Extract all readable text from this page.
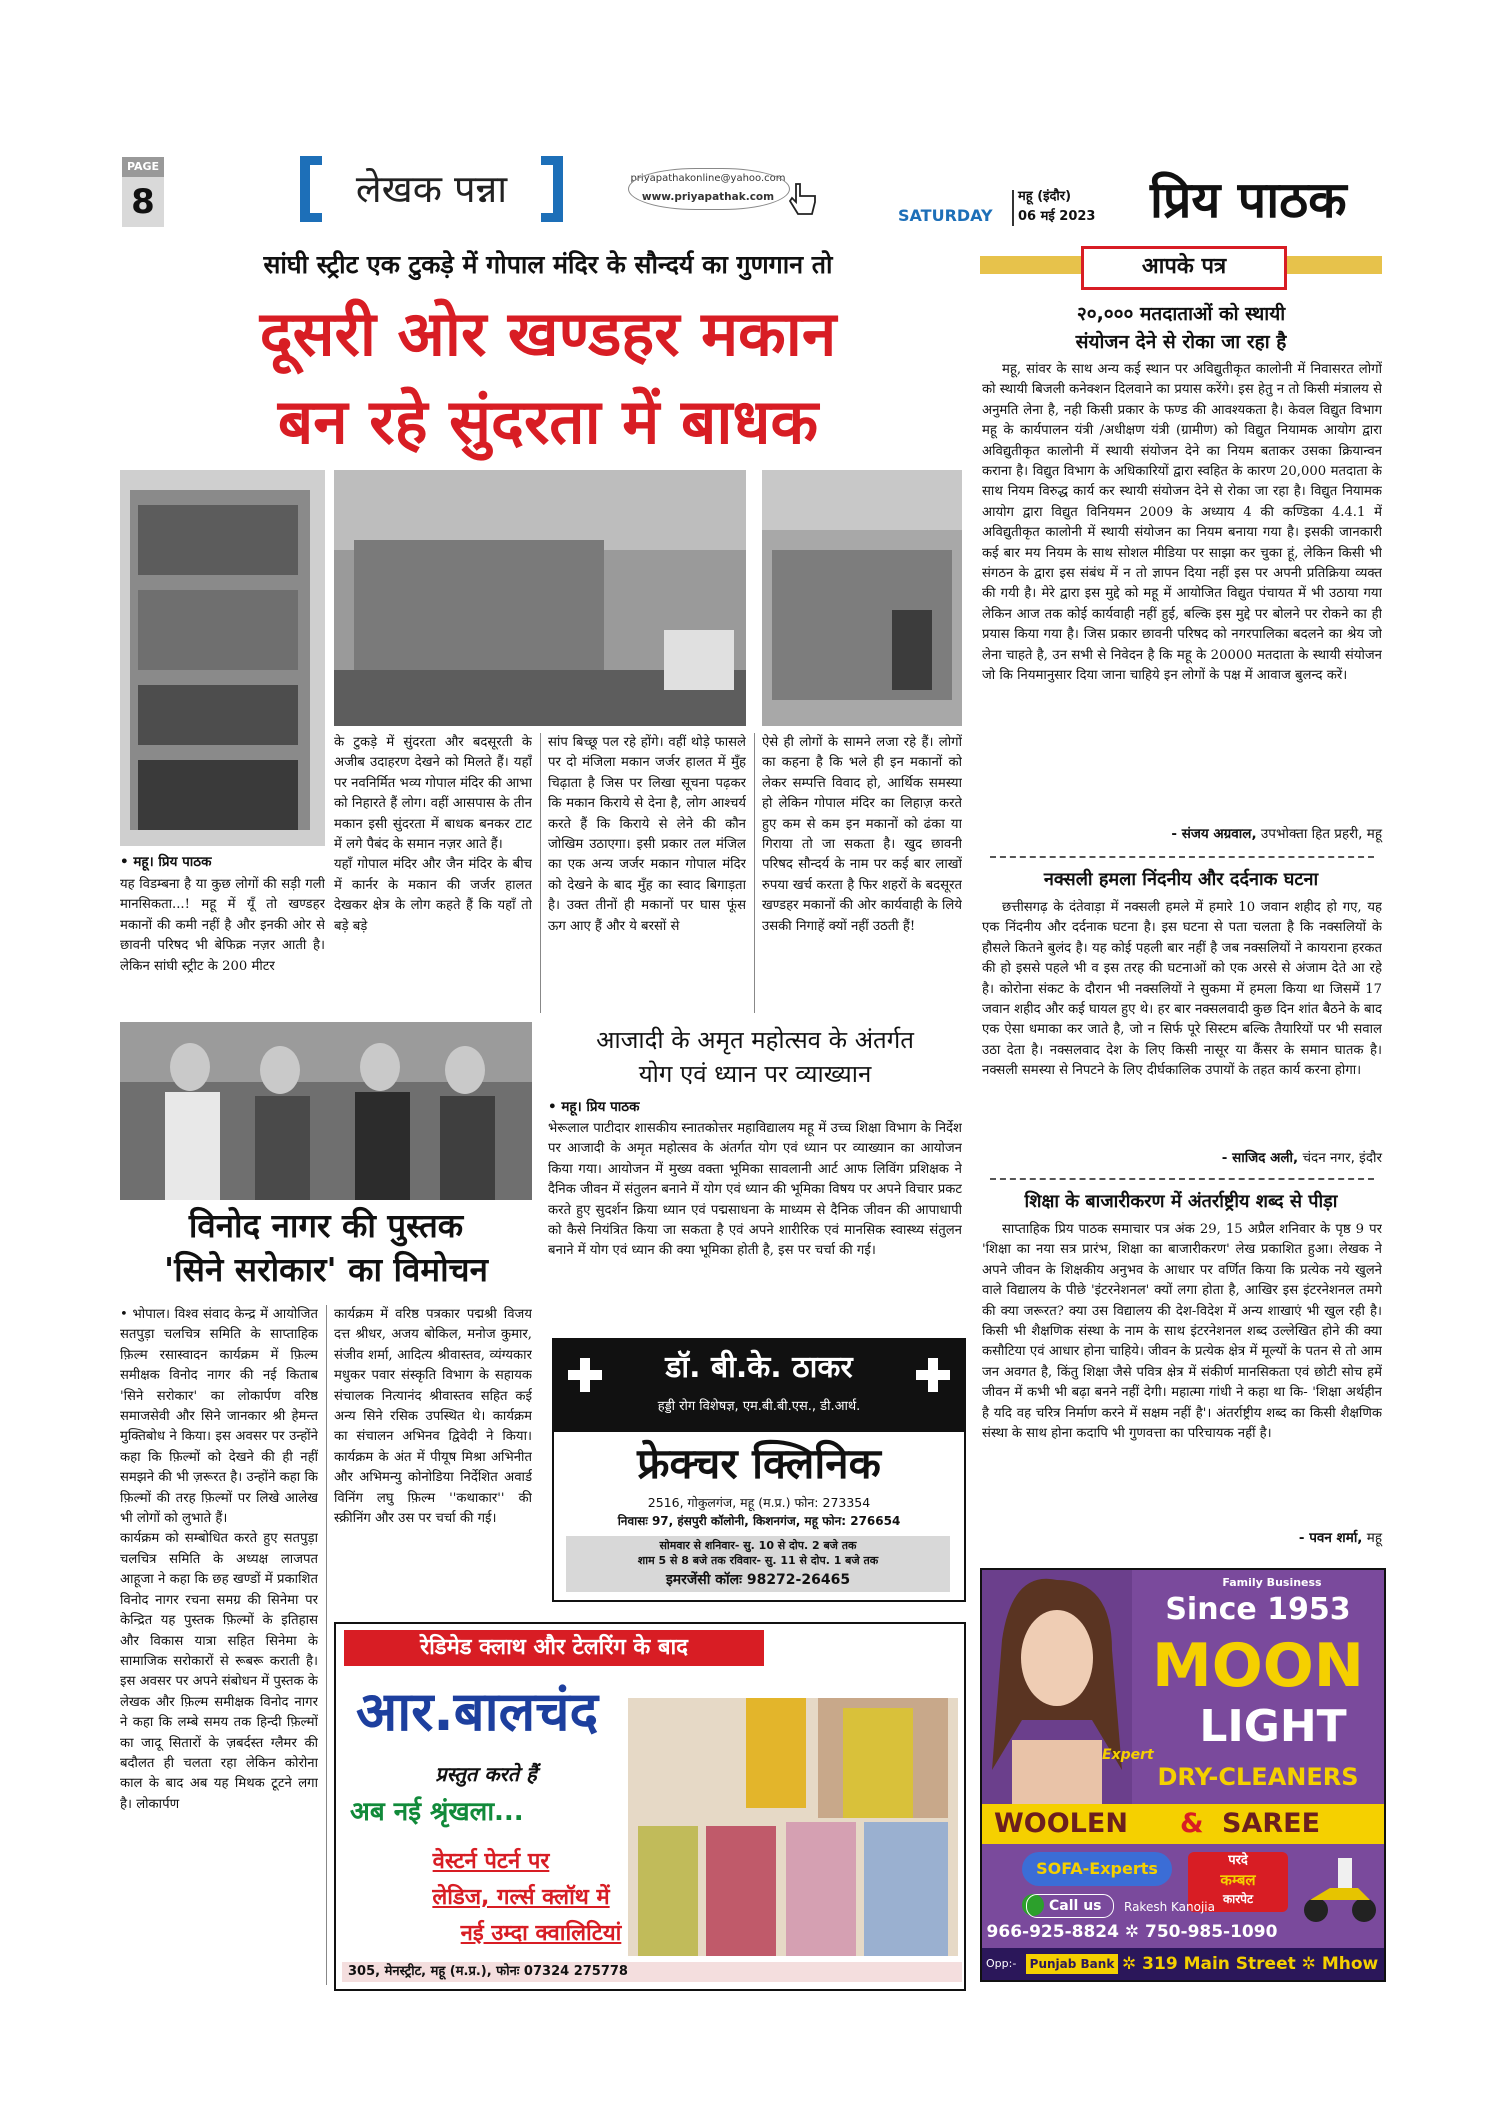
PAGE
8	लेखक पन्ना	priyapathakonline@yahoo.com
www.priyapathak.com
SATURDAY
महू (इंदौर)
06 मई 2023 प्रिय पाठक
सांघी स्ट्रीट एक टुकड़े में गोपाल मंदिर के सौन्दर्य का गुणगान तो
दूसरी ओर खण्डहर मकान
बन रहे सुंदरता में बाधक
• महू। प्रिय पाठक
यह विडम्बना है या कुछ लोगों की सड़ी गली मानसिकता...! महू में यूँ तो खण्डहर मकानों की कमी नहीं है और इनकी ओर से छावनी परिषद भी बेफिक्र नज़र आती है। लेकिन सांघी स्ट्रीट के 200 मीटर
के टुकड़े में सुंदरता और बदसूरती के अजीब उदाहरण देखने को मिलते हैं। यहाँ पर नवनिर्मित भव्य गोपाल मंदिर की आभा को निहारते हैं लोग। वहीं आसपास के तीन मकान इसी सुंदरता में बाधक बनकर टाट में लगे पैबंद के समान नज़र आते हैं।
यहाँ गोपाल मंदिर और जैन मंदिर के बीच में कार्नर के मकान की जर्जर हालत देखकर क्षेत्र के लोग कहते हैं कि यहाँ तो बड़े बड़े
सांप बिच्छू पल रहे होंगे। वहीं थोड़े फासले पर दो मंजिला मकान जर्जर हालत में मुँह चिढ़ाता है जिस पर लिखा सूचना पढ़कर कि मकान किराये से देना है, लोग आश्चर्य करते हैं कि किराये से लेने की कौन जोखिम उठाएगा। इसी प्रकार तल मंजिल का एक अन्य जर्जर मकान गोपाल मंदिर को देखने के बाद मुँह का स्वाद बिगाड़ता है। उक्त तीनों ही मकानों पर घास फूंस ऊग आए हैं और ये बरसों से
ऐसे ही लोगों के सामने लजा रहे हैं। लोगों का कहना है कि भले ही इन मकानों को लेकर सम्पत्ति विवाद हो, आर्थिक समस्या हो लेकिन गोपाल मंदिर का लिहाज़ करते हुए कम से कम इन मकानों को ढंका या गिराया तो जा सकता है। खुद छावनी परिषद सौन्दर्य के नाम पर कई बार लाखों रुपया खर्च करता है फिर शहरों के बदसूरत खण्डहर मकानों की ओर कार्यवाही के लिये उसकी निगाहें क्यों नहीं उठती हैं!
विनोद नागर की पुस्तक
'सिने सरोकार' का विमोचन
• भोपाल। विश्व संवाद केन्द्र में आयोजित सतपुड़ा चलचित्र समिति के साप्ताहिक फ़िल्म रसास्वादन कार्यक्रम में फ़िल्म समीक्षक विनोद नागर की नई किताब 'सिने सरोकार' का लोकार्पण वरिष्ठ समाजसेवी और सिने जानकार श्री हेमन्त मुक्तिबोध ने किया। इस अवसर पर उन्होंने कहा कि फ़िल्मों को देखने की ही नहीं समझने की भी ज़रूरत है। उन्होंने कहा कि फ़िल्मों की तरह फ़िल्मों पर लिखे आलेख भी लोगों को लुभाते हैं।
कार्यक्रम को सम्बोधित करते हुए सतपुड़ा चलचित्र समिति के अध्यक्ष लाजपत आहूजा ने कहा कि छह खण्डों में प्रकाशित विनोद नागर रचना समग्र की सिनेमा पर केन्द्रित यह पुस्तक फ़िल्मों के इतिहास और विकास यात्रा सहित सिनेमा के सामाजिक सरोकारों से रूबरू कराती है। इस अवसर पर अपने संबोधन में पुस्तक के लेखक और फ़िल्म समीक्षक विनोद नागर ने कहा कि लम्बे समय तक हिन्दी फ़िल्मों का जादू सितारों के ज़बर्दस्त ग्लैमर की बदौलत ही चलता रहा लेकिन कोरोना काल के बाद अब यह मिथक टूटने लगा है। लोकार्पण
कार्यक्रम में वरिष्ठ पत्रकार पद्मश्री विजय दत्त श्रीधर, अजय बोकिल, मनोज कुमार, संजीव शर्मा, आदित्य श्रीवास्तव, व्यंग्यकार मधुकर पवार संस्कृति विभाग के सहायक संचालक नित्यानंद श्रीवास्तव सहित कई अन्य सिने रसिक उपस्थित थे। कार्यक्रम का संचालन अभिनव द्विवेदी ने किया। कार्यक्रम के अंत में पीयूष मिश्रा अभिनीत और अभिमन्यु कोनोडिया निर्देशित अवार्ड विनिंग लघु फ़िल्म ''कथाकार'' की स्क्रीनिंग और उस पर चर्चा की गई।
आजादी के अमृत महोत्सव के अंतर्गत
योग एवं ध्यान पर व्याख्यान
• महू। प्रिय पाठक
भेरूलाल पाटीदार शासकीय स्नातकोत्तर महाविद्यालय महू में उच्च शिक्षा विभाग के निर्देश पर आजादी के अमृत महोत्सव के अंतर्गत योग एवं ध्यान पर व्याख्यान का आयोजन किया गया। आयोजन में मुख्य वक्ता भूमिका सावलानी आर्ट आफ लिविंग प्रशिक्षक ने दैनिक जीवन में संतुलन बनाने में योग एवं ध्यान की भूमिका विषय पर अपने विचार प्रकट करते हुए सुदर्शन क्रिया ध्यान एवं पद्मसाधना के माध्यम से दैनिक जीवन की आपाधापी को कैसे नियंत्रित किया जा सकता है एवं अपने शारीरिक एवं मानसिक स्वास्थ्य संतुलन बनाने में योग एवं ध्यान की क्या भूमिका होती है, इस पर चर्चा की गई।
डॉ. बी.के. ठाकर
हड्डी रोग विशेषज्ञ, एम.बी.बी.एस., डी.आर्थ.
फ्रेक्चर क्लिनिक
2516, गोकुलगंज, महू (म.प्र.) फोन: 273354
निवासः 97, हंसपुरी कॉलोनी, किशनगंज, महू फोन: 276654
सोमवार से शनिवार- सु. 10 से दोप. 2 बजे तक
शाम 5 से 8 बजे तक रविवार- सु. 11 से दोप. 1 बजे तक
इमरजेंसी कॉलः 98272-26465
रेडिमेड क्लाथ और टेलरिंग के बाद
आर.बालचंद
प्रस्तुत करते हैं
अब नई श्रृंखला...
वेस्टर्न पेटर्न पर
लेडिज, गर्ल्स क्लॉथ में
नई उम्दा क्वालिटियां
305, मेनस्ट्रीट, महू (म.प्र.), फोनः 07324 275778
आपके पत्र
२०,००० मतदाताओं को स्थायी
संयोजन देने से रोका जा रहा है
महू, सांवर के साथ अन्य कई स्थान पर अविद्युतीकृत कालोनी में निवासरत लोगों को स्थायी बिजली कनेक्शन दिलवाने का प्रयास करेंगे। इस हेतु न तो किसी मंत्रालय से अनुमति लेना है, नही किसी प्रकार के फण्ड की आवश्यकता है। केवल विद्युत विभाग महू के कार्यपालन यंत्री /अधीक्षण यंत्री (ग्रामीण) को विद्युत नियामक आयोग द्वारा अविद्युतीकृत कालोनी में स्थायी संयोजन देने का नियम बताकर उसका क्रियान्वन कराना है। विद्युत विभाग के अधिकारियों द्वारा स्वहित के कारण 20,000 मतदाता के साथ नियम विरुद्ध कार्य कर स्थायी संयोजन देने से रोका जा रहा है। विद्युत नियामक आयोग द्वारा विद्युत विनियमन 2009 के अध्याय 4 की कण्डिका 4.4.1 में अविद्युतीकृत कालोनी में स्थायी संयोजन का नियम बनाया गया है। इसकी जानकारी कई बार मय नियम के साथ सोशल मीडिया पर साझा कर चुका हूं, लेकिन किसी भी संगठन के द्वारा इस संबंध में न तो ज्ञापन दिया नहीं इस पर अपनी प्रतिक्रिया व्यक्त की गयी है। मेरे द्वारा इस मुद्दे को महू में आयोजित विद्युत पंचायत में भी उठाया गया लेकिन आज तक कोई कार्यवाही नहीं हुई, बल्कि इस मुद्दे पर बोलने पर रोकने का ही प्रयास किया गया है। जिस प्रकार छावनी परिषद को नगरपालिका बदलने का श्रेय जो लेना चाहते है, उन सभी से निवेदन है कि महू के 20000 मतदाता के स्थायी संयोजन जो कि नियमानुसार दिया जाना चाहिये इन लोगों के पक्ष में आवाज बुलन्द करें।
- संजय अग्रवाल, उपभोक्ता हित प्रहरी, महू
नक्सली हमला निंदनीय और दर्दनाक घटना
छत्तीसगढ़ के दंतेवाड़ा में नक्सली हमले में हमारे 10 जवान शहीद हो गए, यह एक निंदनीय और दर्दनाक घटना है। इस घटना से पता चलता है कि नक्सलियों के हौसले कितने बुलंद है। यह कोई पहली बार नहीं है जब नक्सलियों ने कायराना हरकत की हो इससे पहले भी व इस तरह की घटनाओं को एक अरसे से अंजाम देते आ रहे है। कोरोना संकट के दौरान भी नक्सलियों ने सुकमा में हमला किया था जिसमें 17 जवान शहीद और कई घायल हुए थे। हर बार नक्सलवादी कुछ दिन शांत बैठने के बाद एक ऐसा धमाका कर जाते है, जो न सिर्फ पूरे सिस्टम बल्कि तैयारियों पर भी सवाल उठा देता है। नक्सलवाद देश के लिए किसी नासूर या कैंसर के समान घातक है। नक्सली समस्या से निपटने के लिए दीर्घकालिक उपायों के तहत कार्य करना होगा।
- साजिद अली, चंदन नगर, इंदौर
शिक्षा के बाजारीकरण में अंतर्राष्ट्रीय शब्द से पीड़ा
साप्ताहिक प्रिय पाठक समाचार पत्र अंक 29, 15 अप्रैल शनिवार के पृष्ठ 9 पर 'शिक्षा का नया सत्र प्रारंभ, शिक्षा का बाजारीकरण' लेख प्रकाशित हुआ। लेखक ने अपने जीवन के शिक्षकीय अनुभव के आधार पर वर्णित किया कि प्रत्येक नये खुलने वाले विद्यालय के पीछे 'इंटरनेशनल' क्यों लगा होता है, आखिर इस इंटरनेशनल तमगे की क्या जरूरत? क्या उस विद्यालय की देश-विदेश में अन्य शाखाएं भी खुल रही है। किसी भी शैक्षणिक संस्था के नाम के साथ इंटरनेशनल शब्द उल्लेखित होने की क्या कसौटिया एवं आधार होना चाहिये। जीवन के प्रत्येक क्षेत्र में मूल्यों के पतन से तो आम जन अवगत है, किंतु शिक्षा जैसे पवित्र क्षेत्र में संकीर्ण मानसिकता एवं छोटी सोच हमें जीवन में कभी भी बढ़ा बनने नहीं देगी। महात्मा गांधी ने कहा था कि- 'शिक्षा अर्थहीन है यदि वह चरित्र निर्माण करने में सक्षम नहीं है'। अंतर्राष्ट्रीय शब्द का किसी शैक्षणिक संस्था के साथ होना कदापि भी गुणवत्ता का परिचायक नहीं है।
- पवन शर्मा, महू
Family Business
Since 1953
MOON
LIGHT
Expert
DRY-CLEANERS
WOOLEN & SAREE
SOFA-Experts	परदे
कम्बल
कारपेट
Call us	Rakesh Kanojia
966-925-8824 ✲ 750-985-1090
Opp:-	Punjab Bank ✲ 319 Main Street ✲ Mhow
